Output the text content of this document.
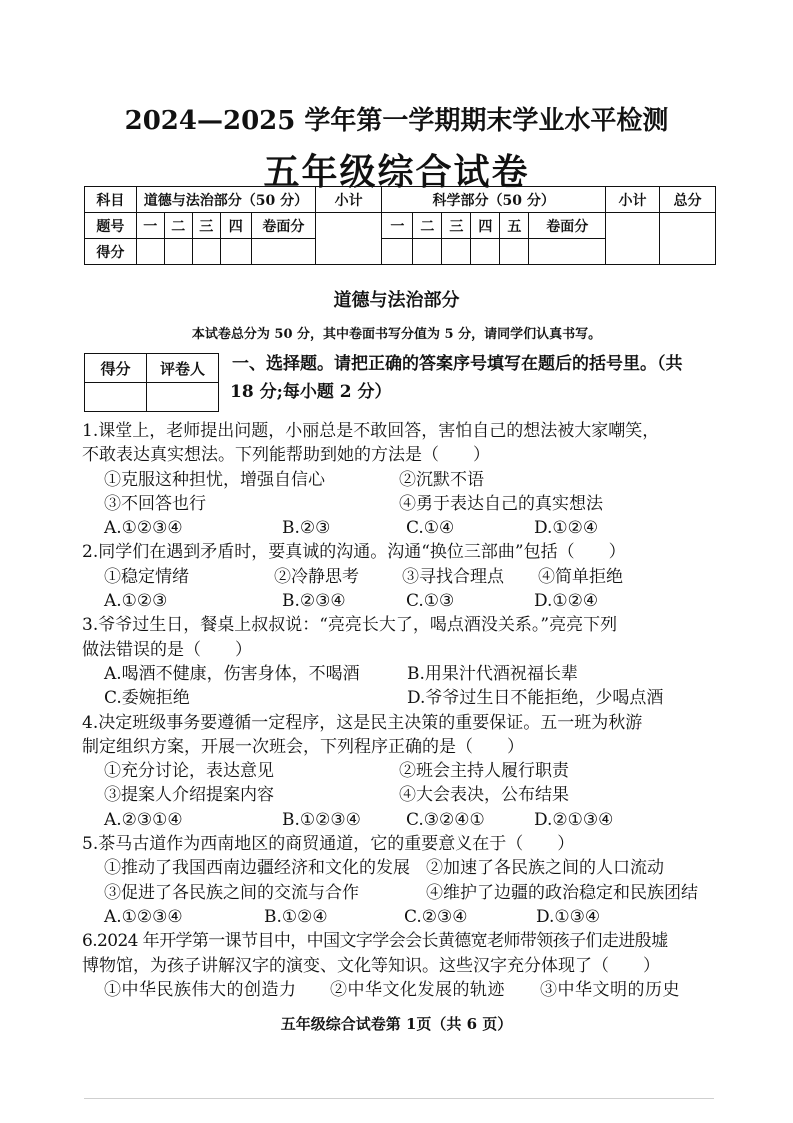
2024—2025 学年第一学期期末学业水平检测
五年级综合试卷
科目	道德与法治部分（50 分）					小计	科学部分（50 分）						小计	总分
题号	一	二	三	四	卷面分		一	二	三	四	五	卷面分		
得分														
道德与法治部分
本试卷总分为 50 分，其中卷面书写分值为 5 分，请同学们认真书写。
得分	评卷人
	一、选择题。请把正确的答案序号填写在题后的括号里。（共
18 分;每小题 2 分）
1.课堂上，老师提出问题，小丽总是不敢回答，害怕自己的想法被大家嘲笑，
不敢表达真实想法。下列能帮助到她的方法是（　　）
①克服这种担忧，增强自信心	②沉默不语
③不回答也行	④勇于表达自己的真实想法
A.①②③④	B.②③	C.①④	D.①②④
2.同学们在遇到矛盾时，要真诚的沟通。沟通“换位三部曲”包括（　　）
①稳定情绪	②冷静思考	③寻找合理点	④简单拒绝
A.①②③	B.②③④	C.①③	D.①②④
3.爷爷过生日，餐桌上叔叔说：“亮亮长大了，喝点酒没关系。”亮亮下列
做法错误的是（　　）
A.喝酒不健康，伤害身体，不喝酒	B.用果汁代酒祝福长辈
C.委婉拒绝	D.爷爷过生日不能拒绝，少喝点酒
4.决定班级事务要遵循一定程序，这是民主决策的重要保证。五一班为秋游
制定组织方案，开展一次班会，下列程序正确的是（　　）
①充分讨论，表达意见	②班会主持人履行职责
③提案人介绍提案内容	④大会表决，公布结果
A.②③①④	B.①②③④	C.③②④①	D.②①③④
5.茶马古道作为西南地区的商贸通道，它的重要意义在于（　　）
①推动了我国西南边疆经济和文化的发展 ②加速了各民族之间的人口流动
③促进了各民族之间的交流与合作	④维护了边疆的政治稳定和民族团结
A.①②③④	B.①②④	C.②③④	D.①③④
6.2024 年开学第一课节目中，中国文字学会会长黄德宽老师带领孩子们走进殷墟
博物馆，为孩子讲解汉字的演变、文化等知识。这些汉字充分体现了（　　）
①中华民族伟大的创造力	②中华文化发展的轨迹	③中华文明的历史
五年级综合试卷第 1页（共 6 页）
